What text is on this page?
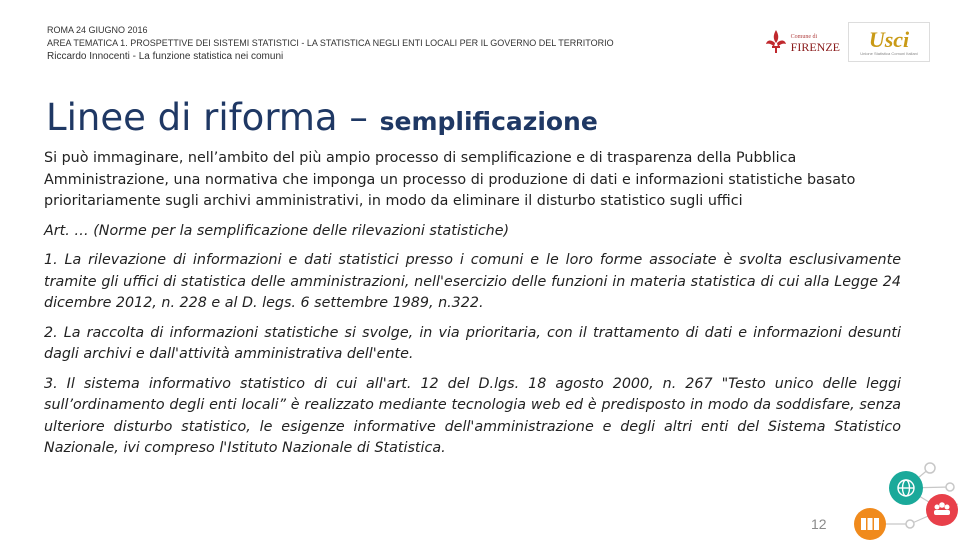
ROMA 24 GIUGNO 2016
AREA TEMATICA 1. PROSPETTIVE DEI SISTEMI STATISTICI - LA STATISTICA NEGLI ENTI LOCALI PER IL GOVERNO DEL TERRITORIO
Riccardo Innocenti - La funzione statistica nei comuni
Comune di
FIRENZE Usci
Unione Statistica Comuni Italiani
Linee di riforma – semplificazione

Si può immaginare, nell’ambito del più ampio processo di semplificazione e di trasparenza della Pubblica Amministrazione, una normativa che imponga un processo di produzione di dati e informazioni statistiche basato prioritariamente sugli archivi amministrativi, in modo da eliminare il disturbo statistico sugli uffici

Art. … (Norme per la semplificazione delle rilevazioni statistiche)

1. La rilevazione di informazioni e dati statistici presso i comuni e le loro forme associate è svolta esclusivamente tramite gli uffici di statistica delle amministrazioni, nell'esercizio delle funzioni in materia statistica di cui alla Legge 24 dicembre 2012, n. 228 e al D. legs. 6 settembre 1989, n.322.

2. La raccolta di informazioni statistiche si svolge, in via prioritaria, con il trattamento di dati e informazioni desunti dagli archivi e dall'attività amministrativa dell'ente.

3. Il sistema informativo statistico di cui all'art. 12 del D.lgs. 18 agosto 2000, n. 267 "Testo unico delle leggi sull’ordinamento degli enti locali” è realizzato mediante tecnologia web ed è predisposto in modo da soddisfare, senza ulteriore disturbo statistico, le esigenze informative dell'amministrazione e degli altri enti del Sistema Statistico Nazionale, ivi compreso l'Istituto Nazionale di Statistica.

12
